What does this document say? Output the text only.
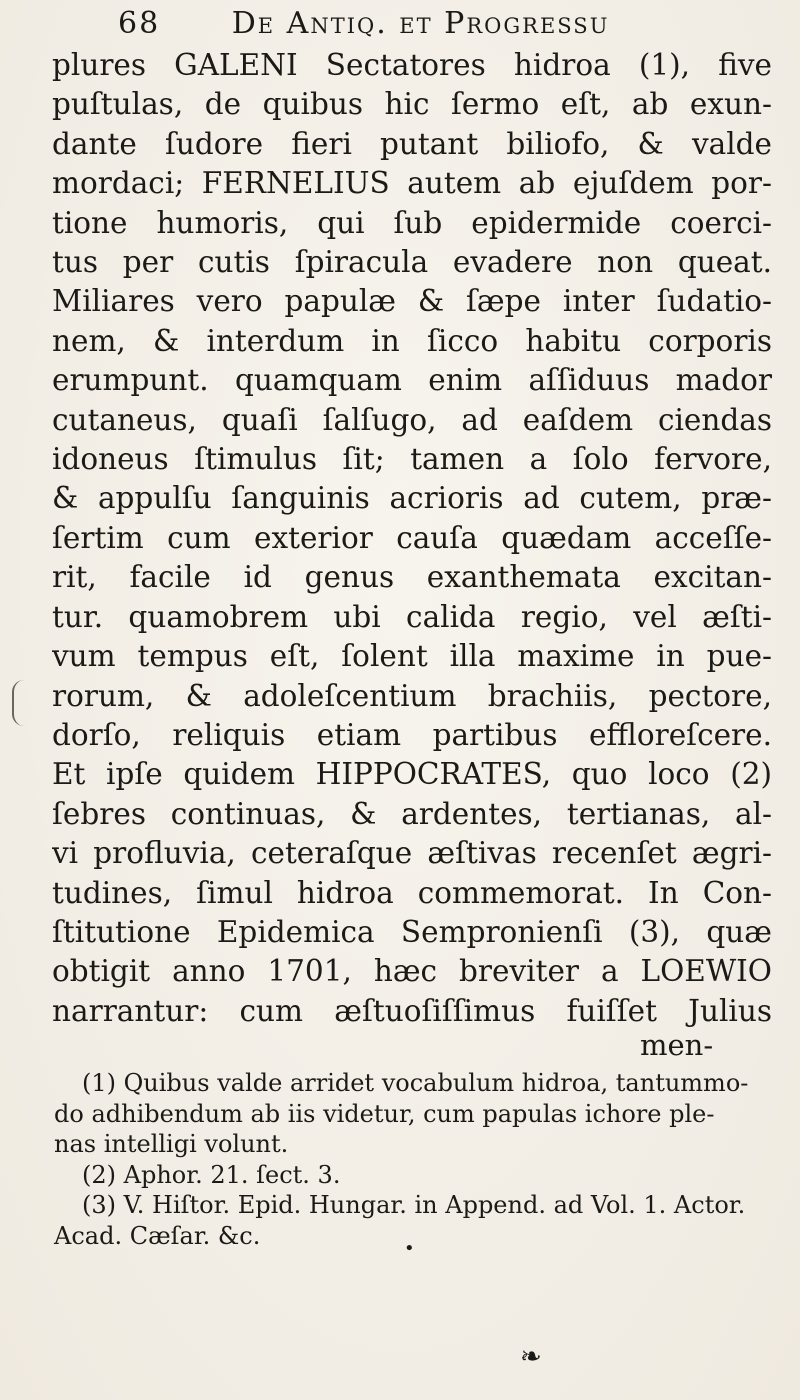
68 De Antiq. et Progressu
plures GALENI Sectatores hidroa (1), five
puſtulas, de quibus hic ſermo eſt, ab exun-
dante ſudore fieri putant biliofo, & valde
mordaci; FERNELIUS autem ab ejuſdem por-
tione humoris, qui ſub epidermide coerci-
tus per cutis ſpiracula evadere non queat.
Miliares vero papulæ & ſæpe inter ſudatio-
nem, & interdum in ſicco habitu corporis
erumpunt. quamquam enim aſſiduus mador
cutaneus, quaſi ſalſugo, ad eaſdem ciendas
idoneus ſtimulus ſit; tamen a ſolo fervore,
& appulſu ſanguinis acrioris ad cutem, præ-
ſertim cum exterior cauſa quædam acceſſe-
rit, facile id genus exanthemata excitan-
tur. quamobrem ubi calida regio, vel æſti-
vum tempus eſt, ſolent illa maxime in pue-
rorum, & adoleſcentium brachiis, pectore,
dorſo, reliquis etiam partibus effloreſcere.
Et ipſe quidem HIPPOCRATES, quo loco (2)
ſebres continuas, & ardentes, tertianas, al-
vi profluvia, ceteraſque æſtivas recenſet ægri-
tudines, ſimul hidroa commemorat. In Con-
ſtitutione Epidemica Sempronienſi (3), quæ
obtigit anno 1701, hæc breviter a LOEWIO
narrantur: cum æſtuoſiſſimus fuiſſet Julius
men-
(1) Quibus valde arridet vocabulum hidroa, tantummo-
do adhibendum ab iis videtur, cum papulas ichore ple-
nas intelligi volunt.
(2) Aphor. 21. ſect. 3.
(3) V. Hiſtor. Epid. Hungar. in Append. ad Vol. 1. Actor.
Acad. Cæſar. &c.	•
❧
